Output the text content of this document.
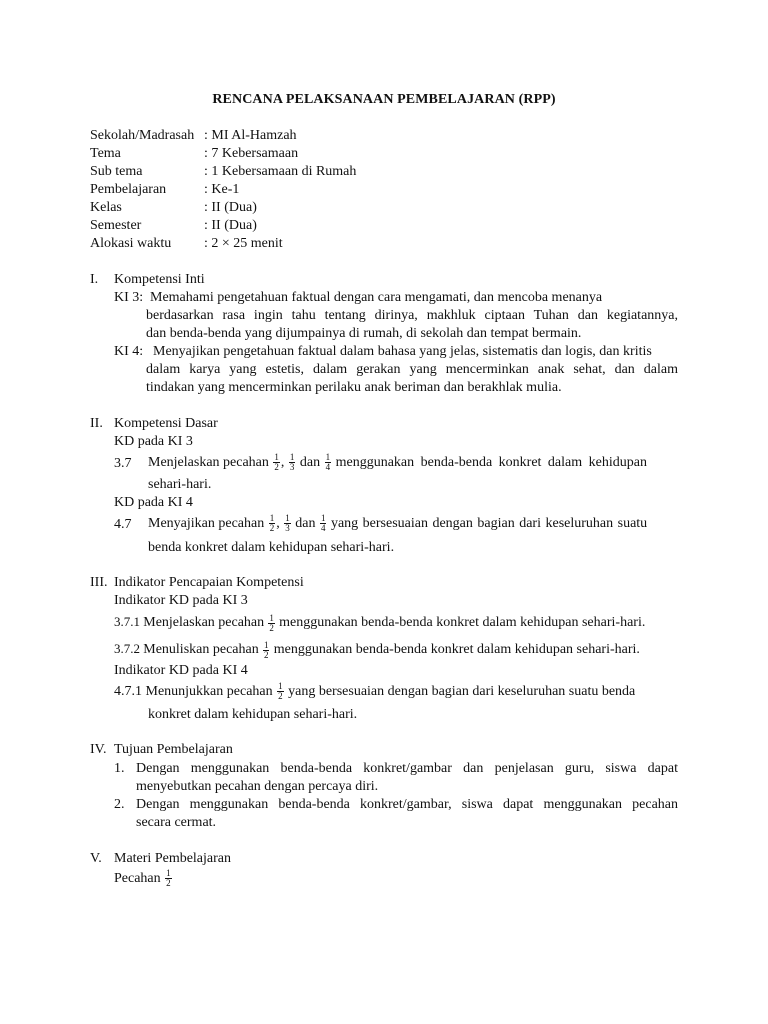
RENCANA PELAKSANAAN PEMBELAJARAN (RPP)
Sekolah/Madrasah : MI Al-Hamzah
Tema	: 7 Kebersamaan
Sub tema	: 1 Kebersamaan di Rumah
Pembelajaran	: Ke-1
Kelas	: II (Dua)
Semester	: II (Dua)
Alokasi waktu : 2 × 25 menit
I. Kompetensi Inti
KI 3: Memahami pengetahuan faktual dengan cara mengamati, dan mencoba menanya
berdasarkan rasa ingin tahu tentang dirinya, makhluk ciptaan Tuhan dan kegiatannya,
dan benda-benda yang dijumpainya di rumah, di sekolah dan tempat bermain.
KI 4: Menyajikan pengetahuan faktual dalam bahasa yang jelas, sistematis dan logis, dan kritis
dalam karya yang estetis, dalam gerakan yang mencerminkan anak sehat, dan dalam
tindakan yang mencerminkan perilaku anak beriman dan berakhlak mulia.
II. Kompetensi Dasar
KD pada KI 3
3.7 Menjelaskan pecahan $\frac{1}{2}$ , $\frac{1}{3}$ dan $\frac{1}{4}$ menggunakan benda-benda konkret dalam kehidupan
sehari-hari.
KD pada KI 4
4.7 Menyajikan pecahan $\frac{1}{2}$ , $\frac{1}{3}$ dan $\frac{1}{4}$ yang bersesuaian dengan bagian dari keseluruhan suatu
benda konkret dalam kehidupan sehari-hari.
III. Indikator Pencapaian Kompetensi
Indikator KD pada KI 3
3.7.1 Menjelaskan pecahan $\frac{1}{2}$ menggunakan benda-benda konkret dalam kehidupan sehari-hari.
3.7.2 Menuliskan pecahan $\frac{1}{2}$ menggunakan benda-benda konkret dalam kehidupan sehari-hari.
Indikator KD pada KI 4
4.7.1 Menunjukkan pecahan $\frac{1}{2}$ yang bersesuaian dengan bagian dari keseluruhan suatu benda
konkret dalam kehidupan sehari-hari.
IV. Tujuan Pembelajaran
1. Dengan menggunakan benda-benda konkret/gambar dan penjelasan guru, siswa dapat
menyebutkan pecahan dengan percaya diri.
2. Dengan menggunakan benda-benda konkret/gambar, siswa dapat menggunakan pecahan
secara cermat.
V. Materi Pembelajaran
Pecahan $\frac{1}{2}$
